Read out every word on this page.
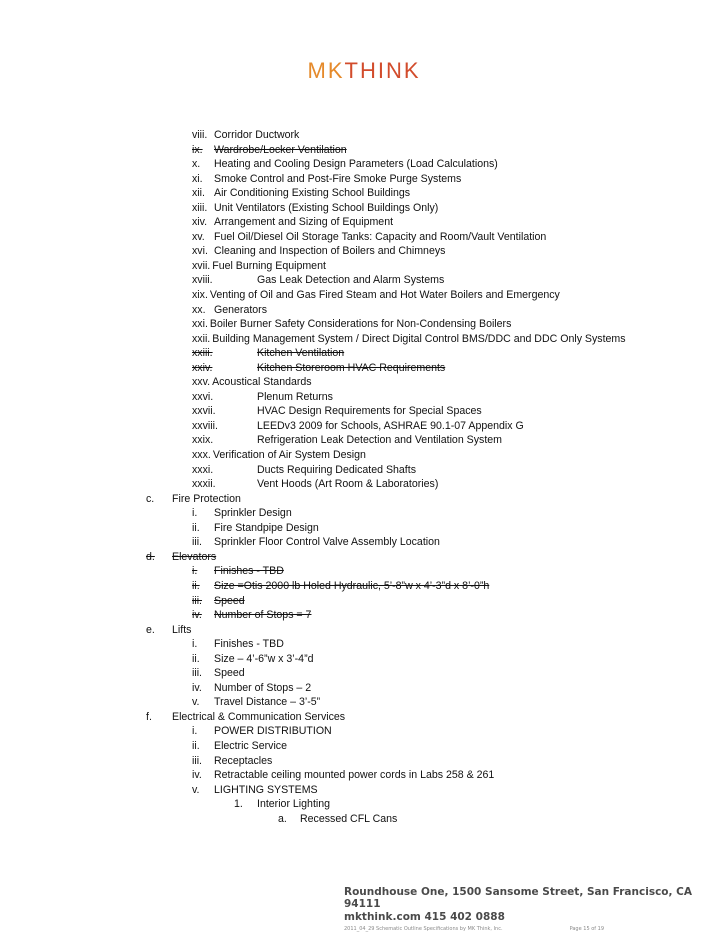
MKTHINK
viii. Corridor Ductwork
ix. Wardrobe/Locker Ventilation
x. Heating and Cooling Design Parameters (Load Calculations)
xi. Smoke Control and Post-Fire Smoke Purge Systems
xii. Air Conditioning Existing School Buildings
xiii. Unit Ventilators (Existing School Buildings Only)
xiv. Arrangement and Sizing of Equipment
xv. Fuel Oil/Diesel Oil Storage Tanks: Capacity and Room/Vault Ventilation
xvi. Cleaning and Inspection of Boilers and Chimneys
xvii. Fuel Burning Equipment
xviii.	Gas Leak Detection and Alarm Systems
xix. Venting of Oil and Gas Fired Steam and Hot Water Boilers and Emergency
xx. Generators
xxi. Boiler Burner Safety Considerations for Non-Condensing Boilers
xxii. Building Management System / Direct Digital Control BMS/DDC and DDC Only Systems
xxiii.	Kitchen Ventilation
xxiv.	Kitchen Storeroom HVAC Requirements
xxv. Acoustical Standards
xxvi.	Plenum Returns
xxvii.	HVAC Design Requirements for Special Spaces
xxviii.	LEEDv3 2009 for Schools, ASHRAE 90.1-07 Appendix G
xxix.	Refrigeration Leak Detection and Ventilation System
xxx. Verification of Air System Design
xxxi.	Ducts Requiring Dedicated Shafts
xxxii.	Vent Hoods (Art Room & Laboratories)
c. Fire Protection
i. Sprinkler Design
ii. Fire Standpipe Design
iii. Sprinkler Floor Control Valve Assembly Location
d. Elevators
i. Finishes - TBD
ii. Size =Otis 2000 lb Holed Hydraulic, 5’-8”w x 4’-3”d x 8’-0”h
iii. Speed
iv. Number of Stops = 7
e. Lifts
i. Finishes - TBD
ii. Size – 4’-6”w x 3’-4”d
iii. Speed
iv. Number of Stops – 2
v. Travel Distance – 3’-5”
f. Electrical & Communication Services
i. POWER DISTRIBUTION
ii. Electric Service
iii. Receptacles
iv. Retractable ceiling mounted power cords in Labs 258 & 261
v. LIGHTING SYSTEMS
1. Interior Lighting
a. Recessed CFL Cans
Roundhouse One, 1500 Sansome Street, San Francisco, CA 94111
mkthink.com 415 402 0888
2011_04_29 Schematic Outline Specifications by MK Think, Inc.	Page 15 of 19
